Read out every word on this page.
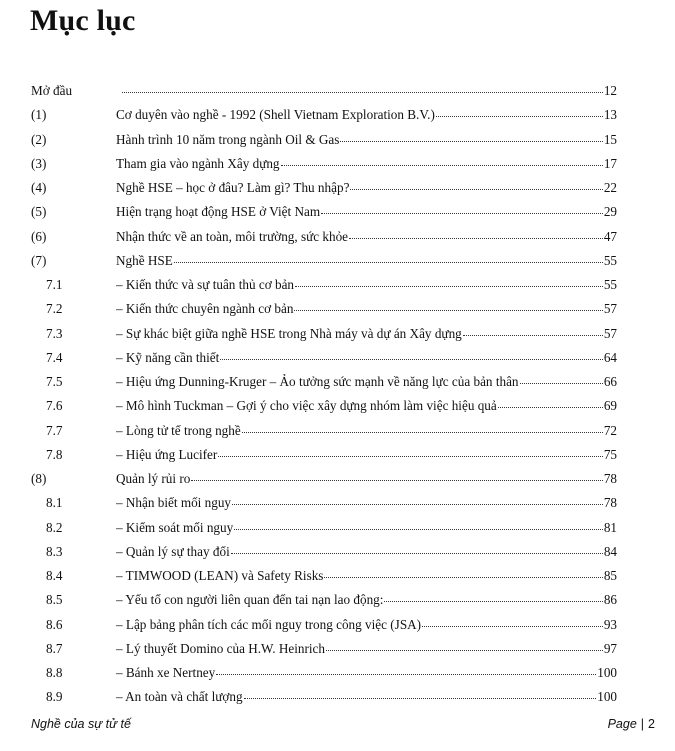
Mục lục
Mở đầu	12
(1)	Cơ duyên vào nghề - 1992 (Shell Vietnam Exploration B.V.)	13
(2)	Hành trình 10 năm trong ngành Oil & Gas	15
(3)	Tham gia vào ngành Xây dựng	17
(4)	Nghề HSE – học ở đâu? Làm gì? Thu nhập?	22
(5)	Hiện trạng hoạt động HSE ở Việt Nam	29
(6)	Nhận thức về an toàn, môi trường, sức khỏe	47
(7)	Nghề HSE	55
7.1	– Kiến thức và sự tuân thủ cơ bản	55
7.2	– Kiến thức chuyên ngành cơ bản	57
7.3	– Sự khác biệt giữa nghề HSE trong Nhà máy và dự án Xây dựng	57
7.4	– Kỹ năng cần thiết	64
7.5	– Hiệu ứng Dunning-Kruger – Ảo tưởng sức mạnh về năng lực của bản thân	66
7.6	– Mô hình Tuckman – Gợi ý cho việc xây dựng nhóm làm việc hiệu quả	69
7.7	– Lòng tử tế trong nghề	72
7.8	– Hiệu ứng Lucifer	75
(8)	Quản lý rủi ro	78
8.1	– Nhận biết mối nguy	78
8.2	– Kiểm soát mối nguy	81
8.3	– Quản lý sự thay đổi	84
8.4	– TIMWOOD (LEAN) và Safety Risks	85
8.5	– Yếu tố con người liên quan đến tai nạn lao động:	86
8.6	– Lập bảng phân tích các mối nguy trong công việc (JSA)	93
8.7	– Lý thuyết Domino của H.W. Heinrich	97
8.8	– Bánh xe Nertney	100
8.9	– An toàn và chất lượng	100
Nghề của sự tử tế	Page | 2
